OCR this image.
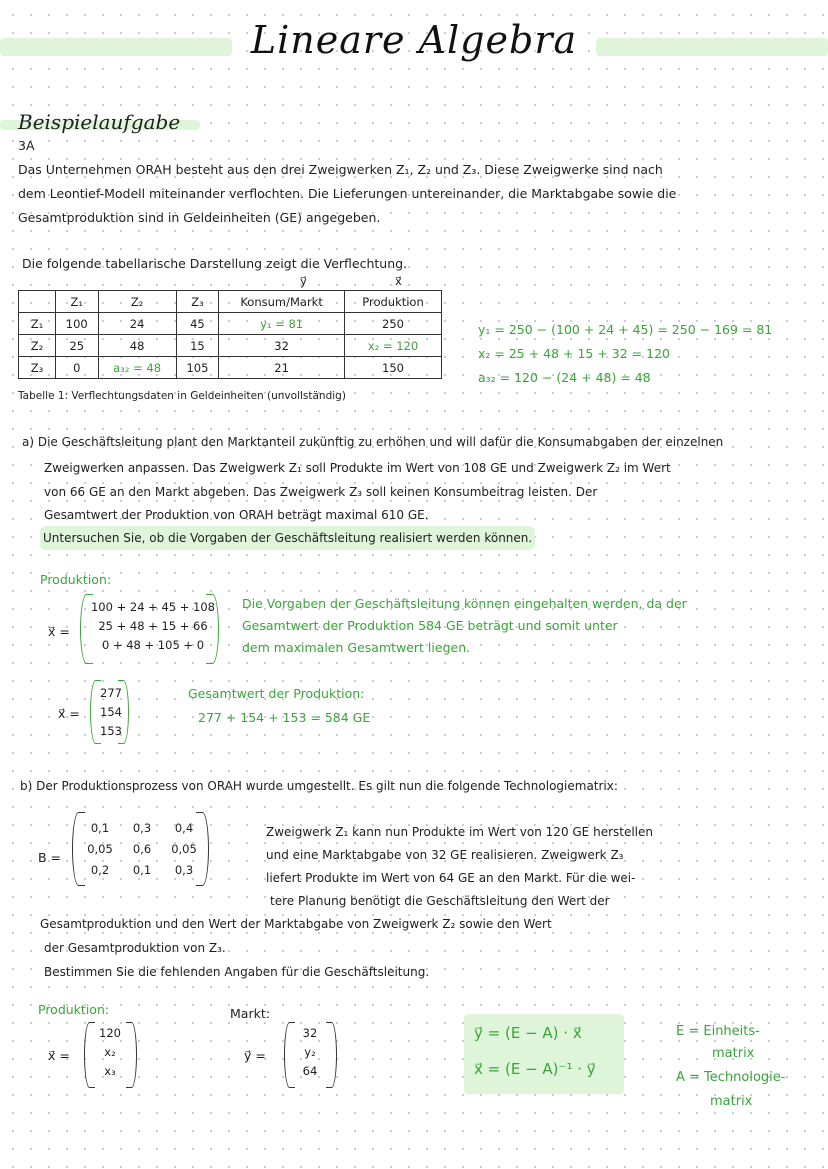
Lineare Algebra
Beispielaufgabe
3A
Das Unternehmen ORAH besteht aus den drei Zweigwerken Z₁, Z₂ und Z₃. Diese Zweigwerke sind nach
dem Leontief-Modell miteinander verflochten. Die Lieferungen untereinander, die Marktabgabe sowie die
Gesamtproduktion sind in Geldeinheiten (GE) angegeben.
Die folgende tabellarische Darstellung zeigt die Verflechtung.
y⃗	x⃗
	Z₁	Z₂	Z₃	Konsum/Markt	Produktion
Z₁	100	24	45	y₁ = 81	250
Z₂	25	48	15	32	x₂ = 120
Z₃	0	a₃₂ = 48	105	21	150
Tabelle 1: Verflechtungsdaten in Geldeinheiten (unvollständig)
y₁ = 250 − (100 + 24 + 45) = 250 − 169 = 81
x₂ = 25 + 48 + 15 + 32 = 120
a₃₂ = 120 − (24 + 48) = 48
a) Die Geschäftsleitung plant den Marktanteil zukünftig zu erhöhen und will dafür die Konsumabgaben der einzelnen
Zweigwerken anpassen. Das Zweigwerk Z₁ soll Produkte im Wert von 108 GE und Zweigwerk Z₂ im Wert
von 66 GE an den Markt abgeben. Das Zweigwerk Z₃ soll keinen Konsumbeitrag leisten. Der
Gesamtwert der Produktion von ORAH beträgt maximal 610 GE.
Untersuchen Sie, ob die Vorgaben der Geschäftsleitung realisiert werden können.
Produktion:
x⃗ =
100 + 24 + 45 + 108
25 + 48 + 15 + 66
0 + 48 + 105 + 0
x⃗ =
277
154
153
Die Vorgaben der Geschäftsleitung können eingehalten werden, da der
Gesamtwert der Produktion 584 GE beträgt und somit unter
dem maximalen Gesamtwert liegen.
Gesamtwert der Produktion:
277 + 154 + 153 = 584 GE
b) Der Produktionsprozess von ORAH wurde umgestellt. Es gilt nun die folgende Technologiematrix:
B =
0,1	0,3	0,4
0,05	0,6	0,05
0,2	0,1	0,3
Zweigwerk Z₁ kann nun Produkte im Wert von 120 GE herstellen
und eine Marktabgabe von 32 GE realisieren. Zweigwerk Z₃
liefert Produkte im Wert von 64 GE an den Markt. Für die wei-
tere Planung benötigt die Geschäftsleitung den Wert der
Gesamtproduktion und den Wert der Marktabgabe von Zweigwerk Z₂ sowie den Wert
der Gesamtproduktion von Z₃.
Bestimmen Sie die fehlenden Angaben für die Geschäftsleitung.
Produktion:
x⃗ =
120
x₂
x₃
Markt:
y⃗ =
32
y₂
64
y⃗ = (E − A) · x⃗
x⃗ = (E − A)⁻¹ · y⃗
E = Einheits-
matrix
A = Technologie-
matrix
